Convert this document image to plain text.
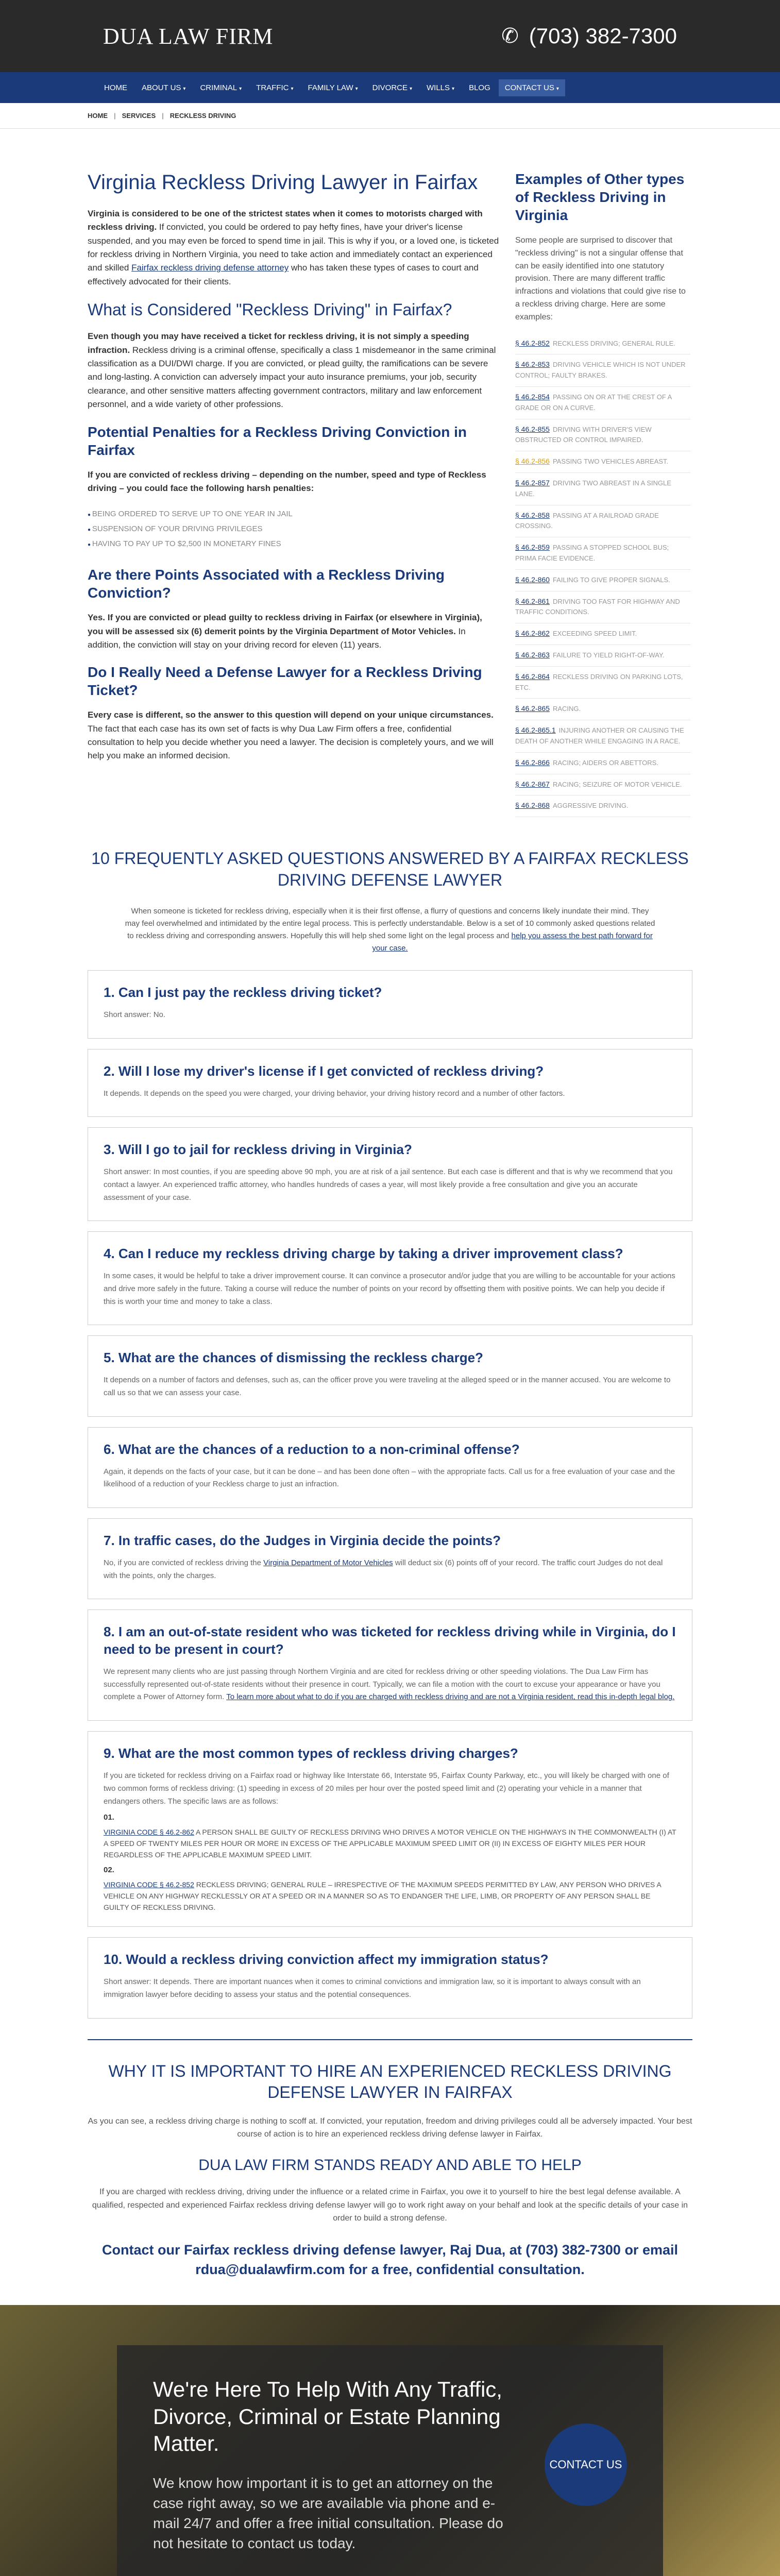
DUA LAW FIRM	✆ (703) 382-7300
HOME	ABOUT US ▾	CRIMINAL ▾	TRAFFIC ▾	FAMILY LAW ▾	DIVORCE ▾	WILLS ▾	BLOG	CONTACT US ▾
HOME | SERVICES | RECKLESS DRIVING
Virginia Reckless Driving Lawyer in Fairfax

Virginia is considered to be one of the strictest states when it comes to motorists charged with reckless driving. If convicted, you could be ordered to pay hefty fines, have your driver's license suspended, and you may even be forced to spend time in jail. This is why if you, or a loved one, is ticketed for reckless driving in Northern Virginia, you need to take action and immediately contact an experienced and skilled Fairfax reckless driving defense attorney who has taken these types of cases to court and effectively advocated for their clients.

What is Considered "Reckless Driving" in Fairfax?

Even though you may have received a ticket for reckless driving, it is not simply a speeding infraction. Reckless driving is a criminal offense, specifically a class 1 misdemeanor in the same criminal classification as a DUI/DWI charge. If you are convicted, or plead guilty, the ramifications can be severe and long-lasting. A conviction can adversely impact your auto insurance premiums, your job, security clearance, and other sensitive matters affecting government contractors, military and law enforcement personnel, and a wide variety of other professions.

Potential Penalties for a Reckless Driving Conviction in Fairfax

If you are convicted of reckless driving – depending on the number, speed and type of Reckless driving – you could face the following harsh penalties:

● BEING ORDERED TO SERVE UP TO ONE YEAR IN JAIL
● SUSPENSION OF YOUR DRIVING PRIVILEGES
● HAVING TO PAY UP TO $2,500 IN MONETARY FINES
Are there Points Associated with a Reckless Driving Conviction?

Yes. If you are convicted or plead guilty to reckless driving in Fairfax (or elsewhere in Virginia), you will be assessed six (6) demerit points by the Virginia Department of Motor Vehicles. In addition, the conviction will stay on your driving record for eleven (11) years.

Do I Really Need a Defense Lawyer for a Reckless Driving Ticket?

Every case is different, so the answer to this question will depend on your unique circumstances. The fact that each case has its own set of facts is why Dua Law Firm offers a free, confidential consultation to help you decide whether you need a lawyer. The decision is completely yours, and we will help you make an informed decision.

Examples of Other types of Reckless Driving in Virginia

Some people are surprised to discover that "reckless driving" is not a singular offense that can be easily identified into one statutory provision. There are many different traffic infractions and violations that could give rise to a reckless driving charge. Here are some examples:

§ 46.2-852 RECKLESS DRIVING; GENERAL RULE.
§ 46.2-853 DRIVING VEHICLE WHICH IS NOT UNDER CONTROL; FAULTY BRAKES.
§ 46.2-854 PASSING ON OR AT THE CREST OF A GRADE OR ON A CURVE.
§ 46.2-855 DRIVING WITH DRIVER'S VIEW OBSTRUCTED OR CONTROL IMPAIRED.
§ 46.2-856 PASSING TWO VEHICLES ABREAST.
§ 46.2-857 DRIVING TWO ABREAST IN A SINGLE LANE.
§ 46.2-858 PASSING AT A RAILROAD GRADE CROSSING.
§ 46.2-859 PASSING A STOPPED SCHOOL BUS; PRIMA FACIE EVIDENCE.
§ 46.2-860 FAILING TO GIVE PROPER SIGNALS.
§ 46.2-861 DRIVING TOO FAST FOR HIGHWAY AND TRAFFIC CONDITIONS.
§ 46.2-862 EXCEEDING SPEED LIMIT.
§ 46.2-863 FAILURE TO YIELD RIGHT-OF-WAY.
§ 46.2-864 RECKLESS DRIVING ON PARKING LOTS, ETC.
§ 46.2-865 RACING.
§ 46.2-865.1 INJURING ANOTHER OR CAUSING THE DEATH OF ANOTHER WHILE ENGAGING IN A RACE.
§ 46.2-866 RACING; AIDERS OR ABETTORS.
§ 46.2-867 RACING; SEIZURE OF MOTOR VEHICLE.
§ 46.2-868 AGGRESSIVE DRIVING.
10 FREQUENTLY ASKED QUESTIONS ANSWERED BY A FAIRFAX RECKLESS DRIVING DEFENSE LAWYER

When someone is ticketed for reckless driving, especially when it is their first offense, a flurry of questions and concerns likely inundate their mind. They may feel overwhelmed and intimidated by the entire legal process. This is perfectly understandable. Below is a set of 10 commonly asked questions related to reckless driving and corresponding answers. Hopefully this will help shed some light on the legal process and help you assess the best path forward for your case.

1. Can I just pay the reckless driving ticket?
Short answer: No.
2. Will I lose my driver's license if I get convicted of reckless driving?
It depends. It depends on the speed you were charged, your driving behavior, your driving history record and a number of other factors.
3. Will I go to jail for reckless driving in Virginia?
Short answer: In most counties, if you are speeding above 90 mph, you are at risk of a jail sentence. But each case is different and that is why we recommend that you contact a lawyer. An experienced traffic attorney, who handles hundreds of cases a year, will most likely provide a free consultation and give you an accurate assessment of your case.
4. Can I reduce my reckless driving charge by taking a driver improvement class?
In some cases, it would be helpful to take a driver improvement course. It can convince a prosecutor and/or judge that you are willing to be accountable for your actions and drive more safely in the future. Taking a course will reduce the number of points on your record by offsetting them with positive points. We can help you decide if this is worth your time and money to take a class.
5. What are the chances of dismissing the reckless charge?
It depends on a number of factors and defenses, such as, can the officer prove you were traveling at the alleged speed or in the manner accused. You are welcome to call us so that we can assess your case.
6. What are the chances of a reduction to a non-criminal offense?
Again, it depends on the facts of your case, but it can be done – and has been done often – with the appropriate facts. Call us for a free evaluation of your case and the likelihood of a reduction of your Reckless charge to just an infraction.
7. In traffic cases, do the Judges in Virginia decide the points?
No, if you are convicted of reckless driving the Virginia Department of Motor Vehicles will deduct six (6) points off of your record. The traffic court Judges do not deal with the points, only the charges.
8. I am an out-of-state resident who was ticketed for reckless driving while in Virginia, do I need to be present in court?
We represent many clients who are just passing through Northern Virginia and are cited for reckless driving or other speeding violations. The Dua Law Firm has successfully represented out-of-state residents without their presence in court. Typically, we can file a motion with the court to excuse your appearance or have you complete a Power of Attorney form. To learn more about what to do if you are charged with reckless driving and are not a Virginia resident, read this in-depth legal blog.
9. What are the most common types of reckless driving charges?
If you are ticketed for reckless driving on a Fairfax road or highway like Interstate 66, Interstate 95, Fairfax County Parkway, etc., you will likely be charged with one of two common forms of reckless driving: (1) speeding in excess of 20 miles per hour over the posted speed limit and (2) operating your vehicle in a manner that endangers others. The specific laws are as follows:
01.
VIRGINIA CODE § 46.2-862 A PERSON SHALL BE GUILTY OF RECKLESS DRIVING WHO DRIVES A MOTOR VEHICLE ON THE HIGHWAYS IN THE COMMONWEALTH (I) AT A SPEED OF TWENTY MILES PER HOUR OR MORE IN EXCESS OF THE APPLICABLE MAXIMUM SPEED LIMIT OR (II) IN EXCESS OF EIGHTY MILES PER HOUR REGARDLESS OF THE APPLICABLE MAXIMUM SPEED LIMIT.
02.
VIRGINIA CODE § 46.2-852 RECKLESS DRIVING; GENERAL RULE – IRRESPECTIVE OF THE MAXIMUM SPEEDS PERMITTED BY LAW, ANY PERSON WHO DRIVES A VEHICLE ON ANY HIGHWAY RECKLESSLY OR AT A SPEED OR IN A MANNER SO AS TO ENDANGER THE LIFE, LIMB, OR PROPERTY OF ANY PERSON SHALL BE GUILTY OF RECKLESS DRIVING.
10. Would a reckless driving conviction affect my immigration status?
Short answer: It depends. There are important nuances when it comes to criminal convictions and immigration law, so it is important to always consult with an immigration lawyer before deciding to assess your status and the potential consequences.
WHY IT IS IMPORTANT TO HIRE AN EXPERIENCED RECKLESS DRIVING DEFENSE LAWYER IN FAIRFAX

As you can see, a reckless driving charge is nothing to scoff at. If convicted, your reputation, freedom and driving privileges could all be adversely impacted. Your best course of action is to hire an experienced reckless driving defense lawyer in Fairfax.

DUA LAW FIRM STANDS READY AND ABLE TO HELP

If you are charged with reckless driving, driving under the influence or a related crime in Fairfax, you owe it to yourself to hire the best legal defense available. A qualified, respected and experienced Fairfax reckless driving defense lawyer will go to work right away on your behalf and look at the specific details of your case in order to build a strong defense.

Contact our Fairfax reckless driving defense lawyer, Raj Dua, at (703) 382-7300 or email rdua@dualawfirm.com for a free, confidential consultation.
We're Here To Help With Any Traffic, Divorce, Criminal or Estate Planning Matter.
We know how important it is to get an attorney on the case right away, so we are available via phone and e-mail 24/7 and offer a free initial consultation. Please do not hesitate to contact us today.
CONTACT US
